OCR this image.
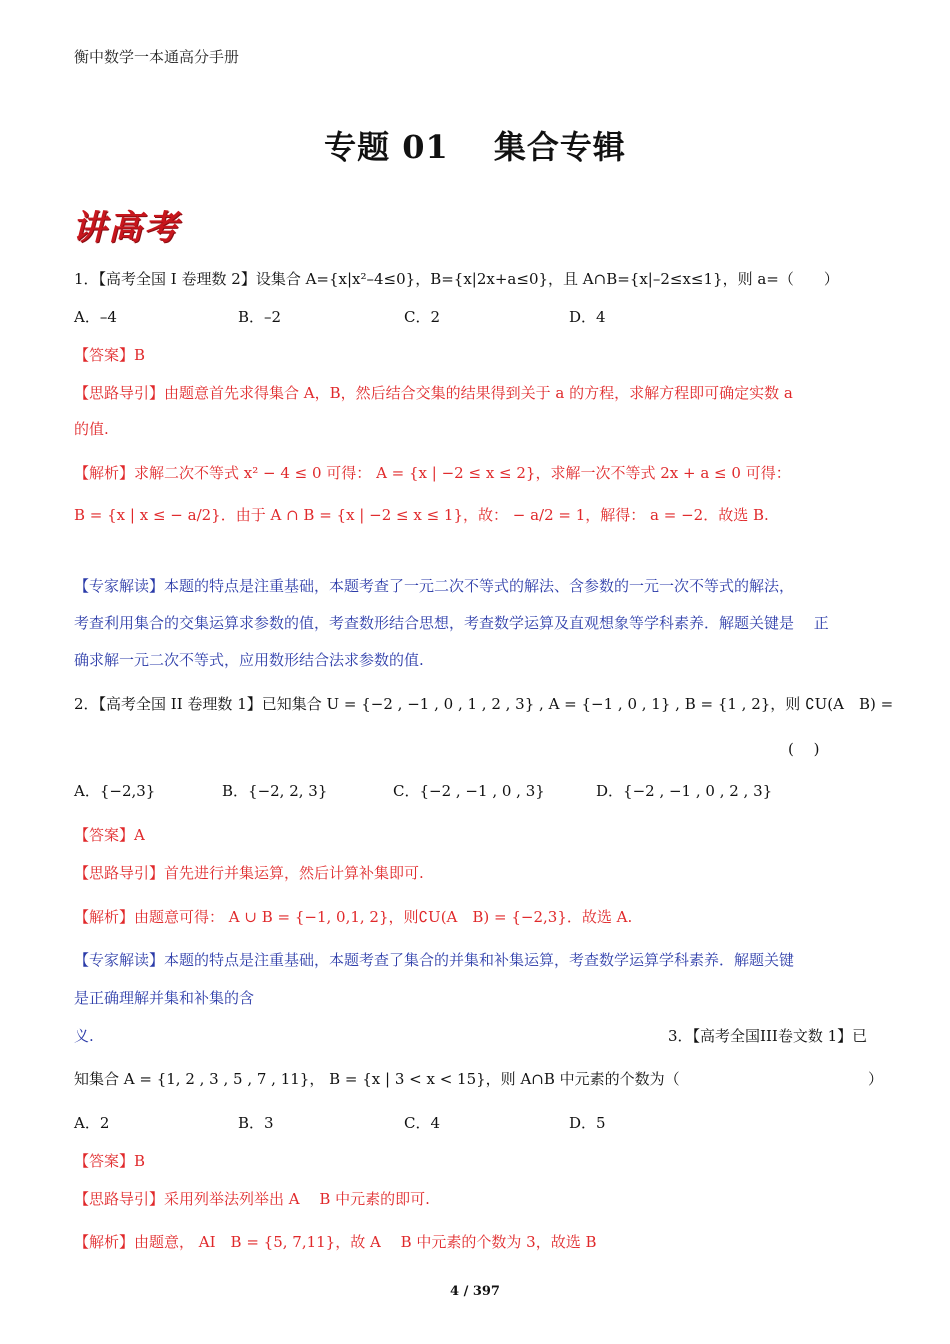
衡中数学一本通高分手册
专题 01　 集合专辑
讲高考
1．【高考全国 I 卷理数 2】设集合 A={x|x²–4≤0}，B={x|2x+a≤0}，且 A∩B={x|–2≤x≤1}，则 a=（　　）
A．–4	B．–2	C．2	D．4
【答案】B
【思路导引】由题意首先求得集合 A，B，然后结合交集的结果得到关于 a 的方程，求解方程即可确定实数 a
的值.
【解析】求解二次不等式 x² − 4 ≤ 0 可得： A = {x | −2 ≤ x ≤ 2}，求解一次不等式 2x + a ≤ 0 可得：
B = {x | x ≤ − a/2}．由于 A ∩ B = {x | −2 ≤ x ≤ 1}，故： − a/2 = 1，解得： a = −2．故选 B.
【专家解读】本题的特点是注重基础，本题考查了一元二次不等式的解法、含参数的一元一次不等式的解法，
考查利用集合的交集运算求参数的值，考查数形结合思想，考查数学运算及直观想象等学科素养．解题关键是　 正
确求解一元二次不等式，应用数形结合法求参数的值.
2．【高考全国 II 卷理数 1】已知集合 U = {−2 , −1 , 0 , 1 , 2 , 3} , A = {−1 , 0 , 1} , B = {1 , 2}，则 ∁U(A　B) =
(　 )
A．{−2,3}	B．{−2, 2, 3}	C．{−2 , −1 , 0 , 3}	D．{−2 , −1 , 0 , 2 , 3}
【答案】A
【思路导引】首先进行并集运算，然后计算补集即可.
【解析】由题意可得： A ∪ B = {−1, 0,1, 2}，则∁U(A　B) = {−2,3}．故选 A.
【专家解读】本题的特点是注重基础，本题考查了集合的并集和补集运算，考查数学运算学科素养．解题关键
是正确理解并集和补集的含
义.	3．【高考全国III卷文数 1】已
知集合 A = {1, 2 , 3 , 5 , 7 , 11}， B = {x | 3 < x < 15}，则 A∩B 中元素的个数为（	）
A．2	B．3	C．4	D．5
【答案】B
【思路导引】采用列举法列举出 A　 B 中元素的即可.
【解析】由题意， AI　B = {5, 7,11}，故 A　 B 中元素的个数为 3，故选 B
4 / 397
